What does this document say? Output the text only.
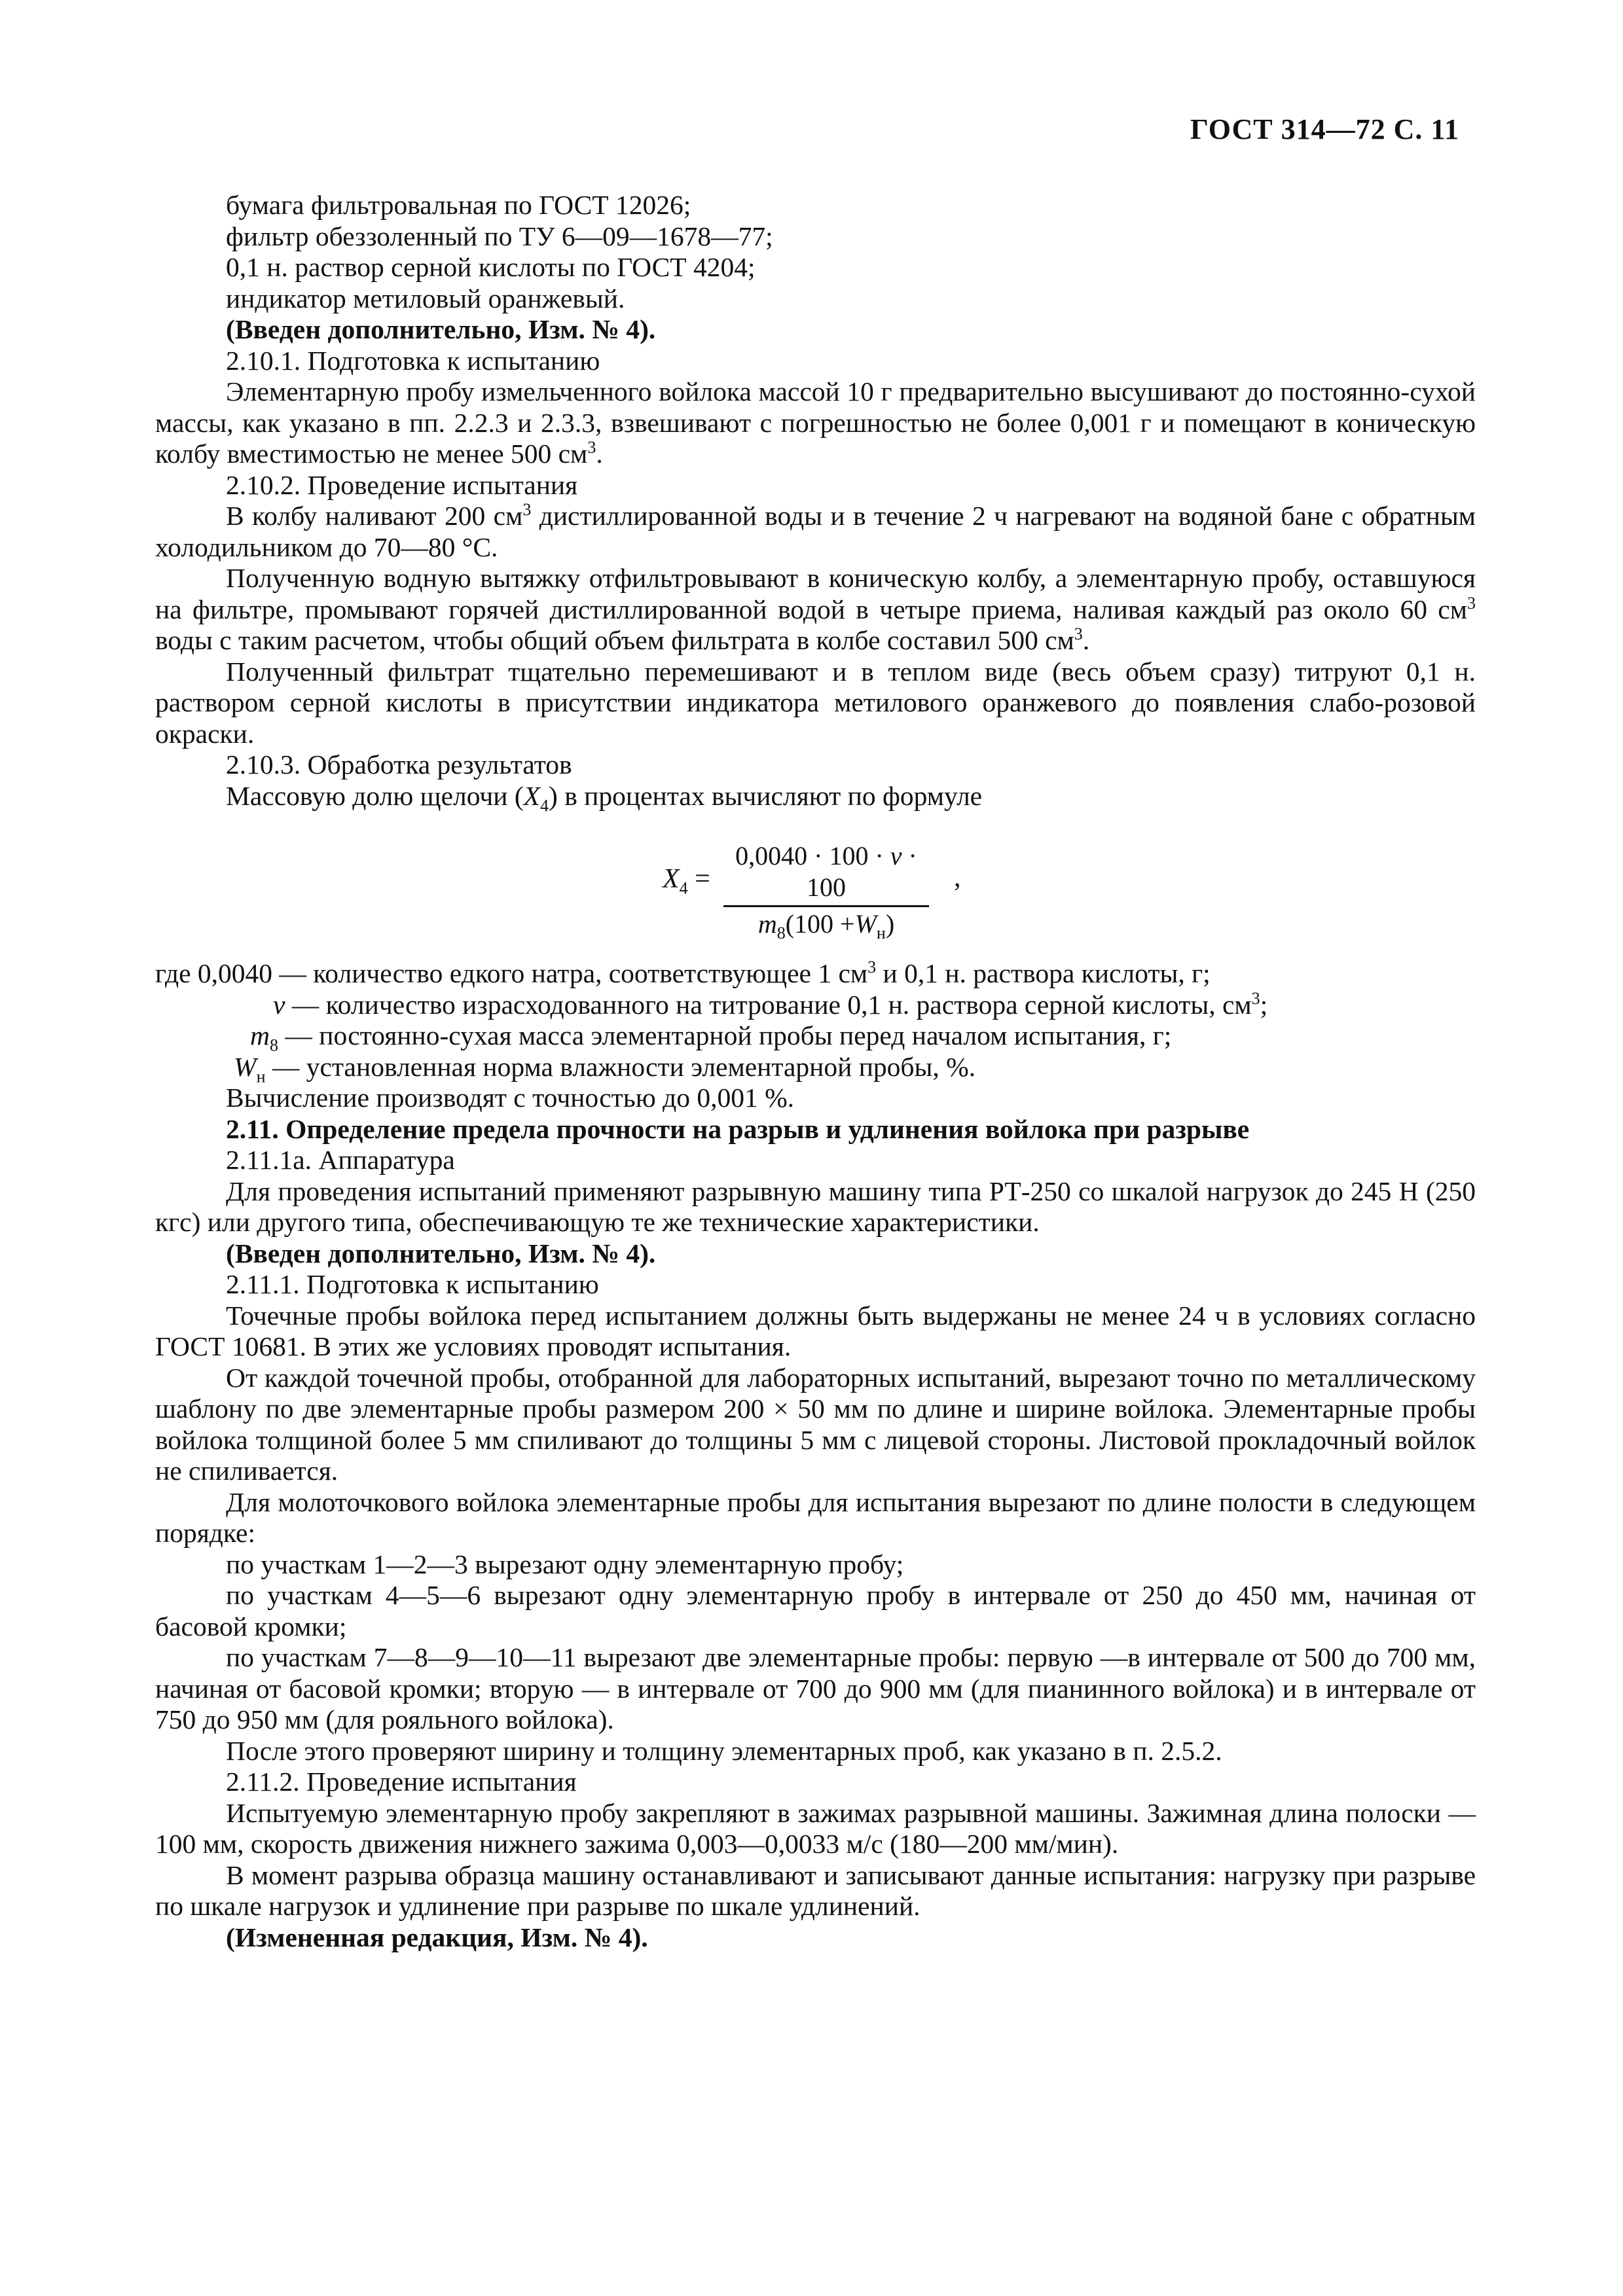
ГОСТ 314—72 С. 11

бумага фильтровальная по ГОСТ 12026;

фильтр обеззоленный по ТУ 6—09—1678—77;

0,1 н. раствор серной кислоты по ГОСТ 4204;

индикатор метиловый оранжевый.

(Введен дополнительно, Изм. № 4).

2.10.1. Подготовка к испытанию

Элементарную пробу измельченного войлока массой 10 г предварительно высушивают до постоянно-сухой массы, как указано в пп. 2.2.3 и 2.3.3, взвешивают с погрешностью не более 0,001 г и помещают в коническую колбу вместимостью не менее 500 $см^3$.

2.10.2. Проведение испытания

В колбу наливают 200 $см^3$ дистиллированной воды и в течение 2 ч нагревают на водяной бане с обратным холодильником до 70—80 °С.

Полученную водную вытяжку отфильтровывают в коническую колбу, а элементарную пробу, оставшуюся на фильтре, промывают горячей дистиллированной водой в четыре приема, наливая каждый раз около 60 $см^3$ воды с таким расчетом, чтобы общий объем фильтрата в колбе составил 500 $см^3$.

Полученный фильтрат тщательно перемешивают и в теплом виде (весь объем сразу) титруют 0,1 н. раствором серной кислоты в присутствии индикатора метилового оранжевого до появления слабо-розовой окраски.

2.10.3. Обработка результатов

Массовую долю щелочи $(X_4)$ в процентах вычисляют по формуле

$X_4$ =
0,0040 · 100 · v · 100
$m_8(100 +W_н)$
,

где 0,0040 — количество едкого натра, соответствующее 1 $см^3$ и 0,1 н. раствора кислоты, г;

v — количество израсходованного на титрование 0,1 н. раствора серной кислоты, $см^3$;

$m_8$ — постоянно-сухая масса элементарной пробы перед началом испытания, г;

$W_н$ — установленная норма влажности элементарной пробы, %.

Вычисление производят с точностью до 0,001 %.

2.11. Определение предела прочности на разрыв и удлинения войлока при разрыве

2.11.1а. Аппаратура

Для проведения испытаний применяют разрывную машину типа РТ-250 со шкалой нагрузок до 245 Н (250 кгс) или другого типа, обеспечивающую те же технические характеристики.

(Введен дополнительно, Изм. № 4).

2.11.1. Подготовка к испытанию

Точечные пробы войлока перед испытанием должны быть выдержаны не менее 24 ч в условиях согласно ГОСТ 10681. В этих же условиях проводят испытания.

От каждой точечной пробы, отобранной для лабораторных испытаний, вырезают точно по металлическому шаблону по две элементарные пробы размером 200 × 50 мм по длине и ширине войлока. Элементарные пробы войлока толщиной более 5 мм спиливают до толщины 5 мм с лицевой стороны. Листовой прокладочный войлок не спиливается.

Для молоточкового войлока элементарные пробы для испытания вырезают по длине полости в следующем порядке:

по участкам 1—2—3 вырезают одну элементарную пробу;

по участкам 4—5—6 вырезают одну элементарную пробу в интервале от 250 до 450 мм, начиная от басовой кромки;

по участкам 7—8—9—10—11 вырезают две элементарные пробы: первую —в интервале от 500 до 700 мм, начиная от басовой кромки; вторую — в интервале от 700 до 900 мм (для пианинного войлока) и в интервале от 750 до 950 мм (для рояльного войлока).

После этого проверяют ширину и толщину элементарных проб, как указано в п. 2.5.2.

2.11.2. Проведение испытания

Испытуемую элементарную пробу закрепляют в зажимах разрывной машины. Зажимная длина полоски — 100 мм, скорость движения нижнего зажима 0,003—0,0033 м/с (180—200 мм/мин).

В момент разрыва образца машину останавливают и записывают данные испытания: нагрузку при разрыве по шкале нагрузок и удлинение при разрыве по шкале удлинений.

(Измененная редакция, Изм. № 4).
